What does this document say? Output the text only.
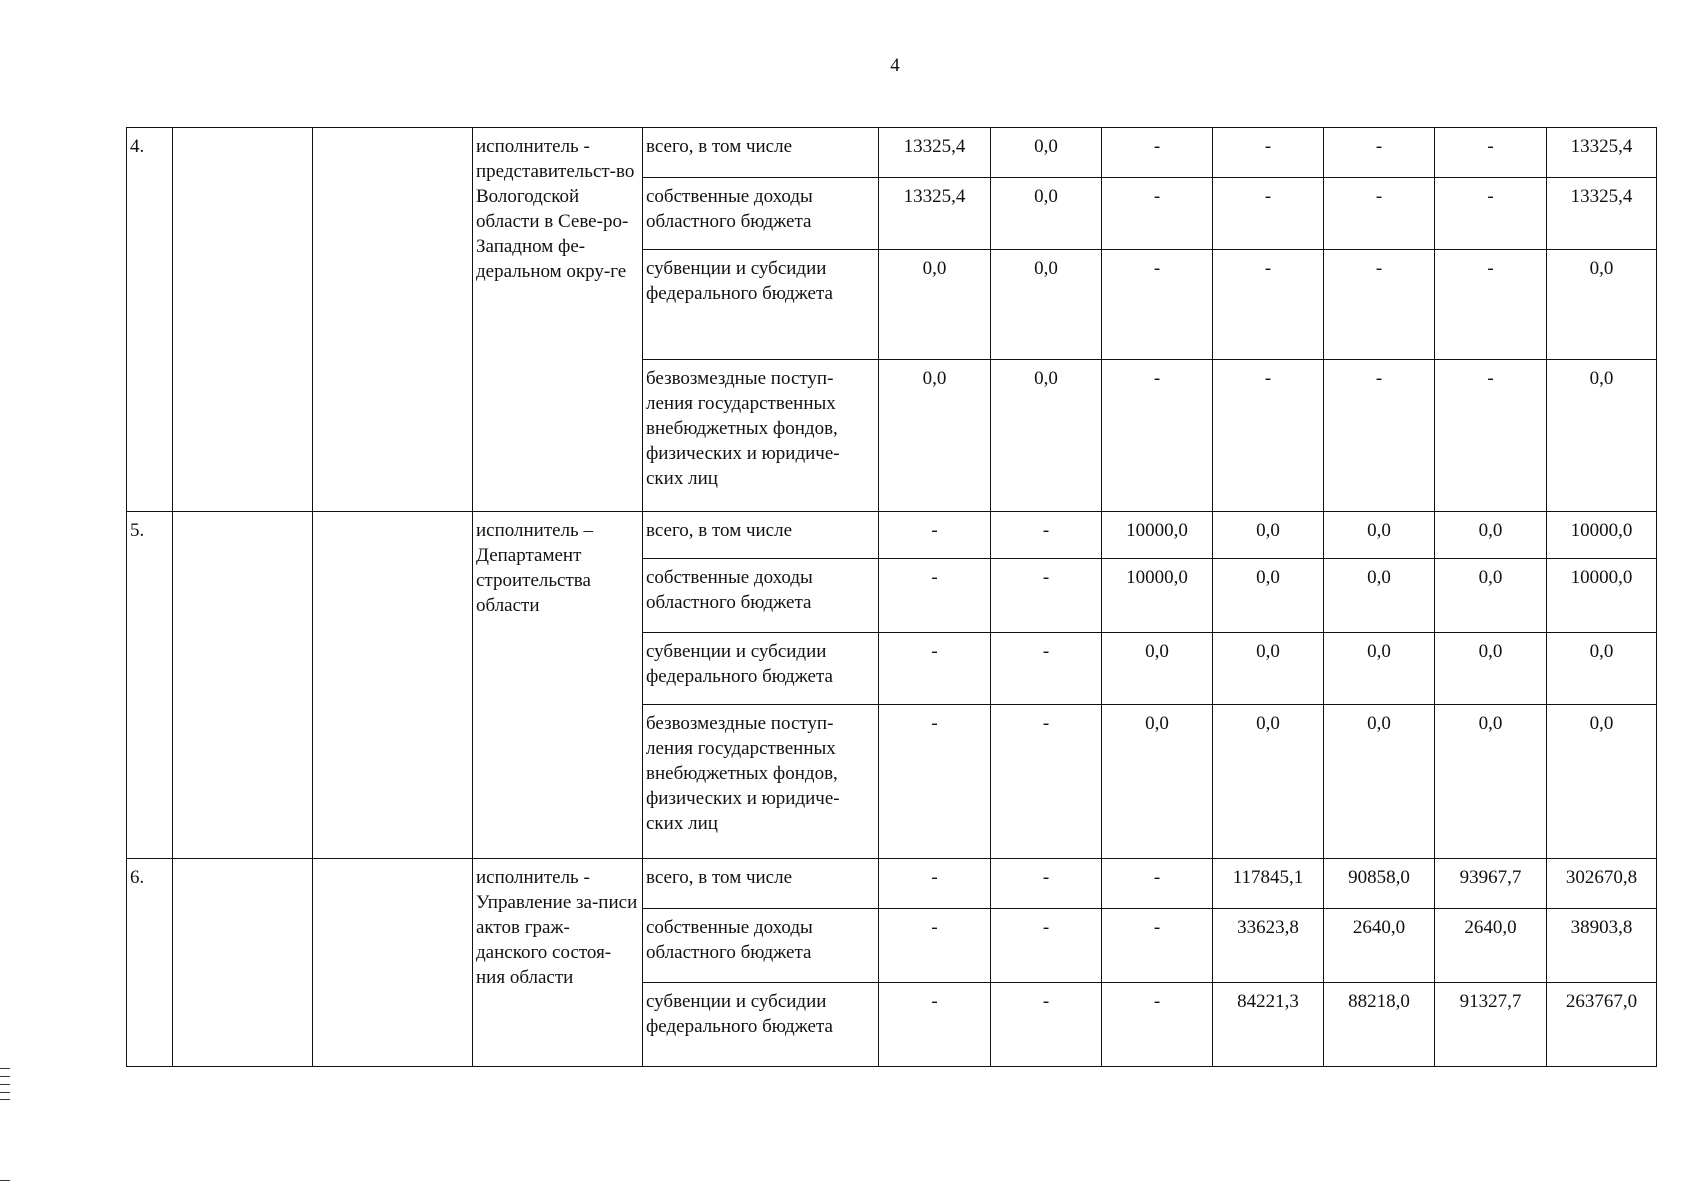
4
4.			исполнитель - представительст-во Вологодской области в Севе-ро-Западном фе-деральном окру-ге	всего, в том числе	13325,4	0,0	-	-	-	-	13325,4
				собственные доходы областного бюджета	13325,4	0,0	-	-	-	-	13325,4
				субвенции и субсидии федерального бюджета	0,0	0,0	-	-	-	-	0,0
				безвозмездные поступ-ления государственных внебюджетных фондов, физических и юридиче-ских лиц	0,0	0,0	-	-	-	-	0,0
5.			исполнитель – Департамент строительства области	всего, в том числе	-	-	10000,0	0,0	0,0	0,0	10000,0
				собственные доходы областного бюджета	-	-	10000,0	0,0	0,0	0,0	10000,0
				субвенции и субсидии федерального бюджета	-	-	0,0	0,0	0,0	0,0	0,0
				безвозмездные поступ-ления государственных внебюджетных фондов, физических и юридиче-ских лиц	-	-	0,0	0,0	0,0	0,0	0,0
6.			исполнитель - Управление за-писи актов граж-данского состоя-ния области	всего, в том числе	-	-	-	117845,1	90858,0	93967,7	302670,8
				собственные доходы областного бюджета	-	-	-	33623,8	2640,0	2640,0	38903,8
				субвенции и субсидии федерального бюджета	-	-	-	84221,3	88218,0	91327,7	263767,0
